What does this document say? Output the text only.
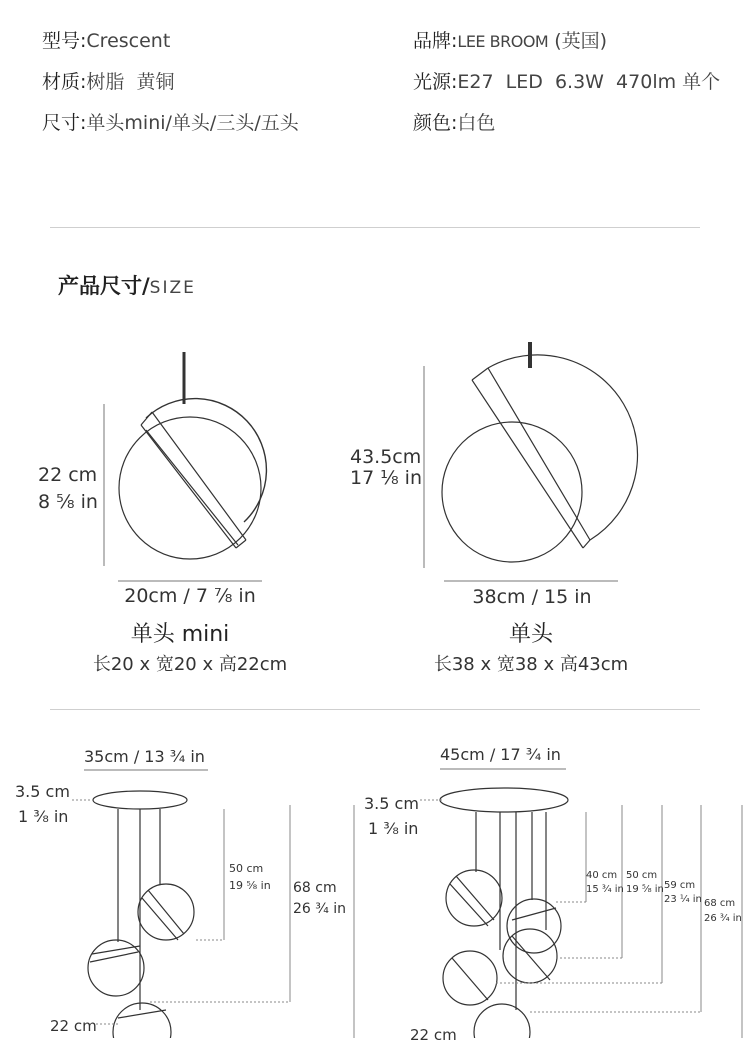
型号:Crescent	品牌:LEE BROOM (英国)
材质:树脂  黄铜	光源:E27  LED  6.3W  470lm 单个
尺寸:单头mini/单头/三头/五头	颜色:白色
产品尺寸/SIZE
22 cm
8 ⁵⁄₈ in
20cm / 7 ⁷⁄₈ in
单头 mini
长20 x 宽20 x 高22cm
43.5cm
17 ¹⁄₈ in
38cm / 15 in
单头
长38 x 宽38 x 高43cm
35cm / 13 ³⁄₄ in
3.5 cm
1 ³⁄₈ in
50 cm
19 ⁵⁄₈ in 68 cm
26 ³⁄₄ in
22 cm
45cm / 17 ³⁄₄ in
3.5 cm
1 ³⁄₈ in
40 cm
15 ³⁄₄ in
50 cm
19 ⁵⁄₈ in 59 cm
23 ¹⁄₄ in 68 cm
26 ³⁄₄ in
22 cm
